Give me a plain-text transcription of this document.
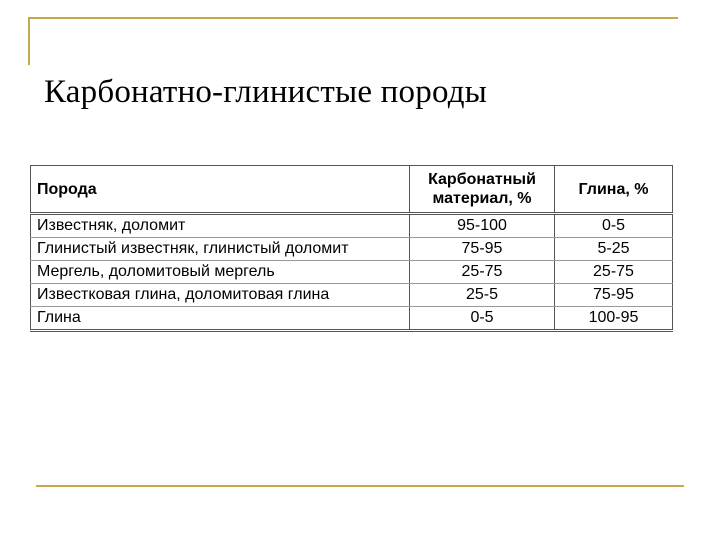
Карбонатно-глинистые породы
Порода	Карбонатный материал, %	Глина, %
Известняк, доломит	95-100	0-5
Глинистый известняк, глинистый доломит	75-95	5-25
Мергель, доломитовый мергель	25-75	25-75
Известковая глина, доломитовая глина	25-5	75-95
Глина	0-5	100-95
